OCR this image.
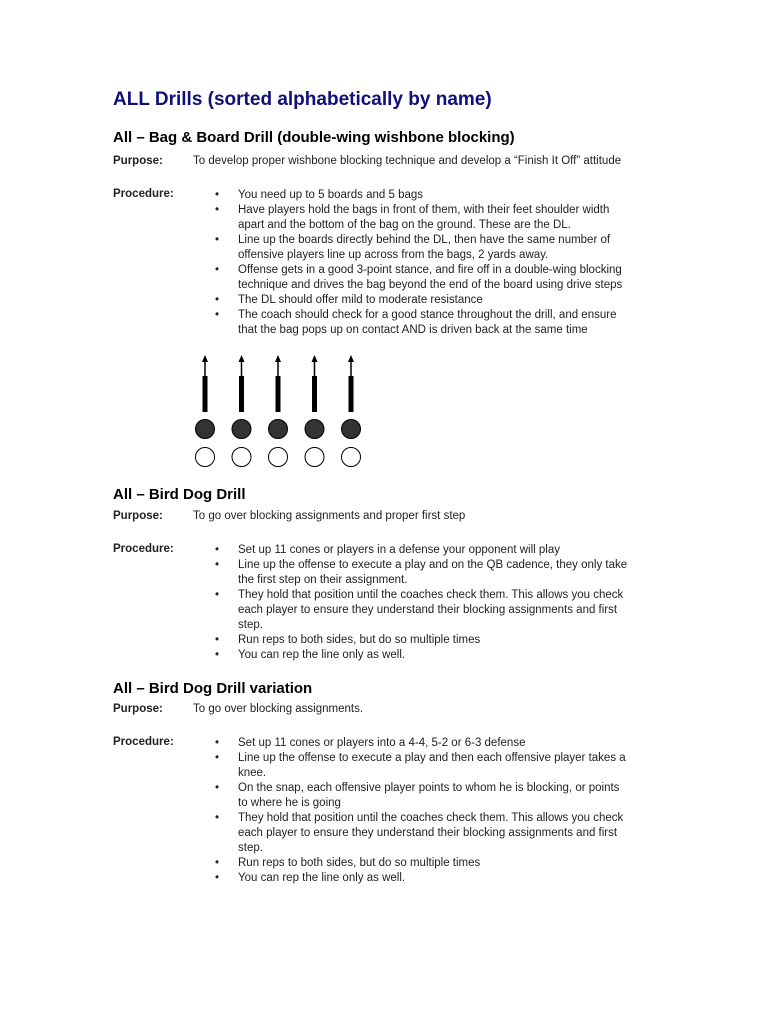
ALL Drills (sorted alphabetically by name)
All – Bag & Board Drill (double-wing wishbone blocking)

Purpose:	To develop proper wishbone blocking technique and develop a “Finish It Off” attitude

Procedure:	• You need up to 5 boards and 5 bags
• Have players hold the bags in front of them, with their feet shoulder width
apart and the bottom of the bag on the ground. These are the DL.
• Line up the boards directly behind the DL, then have the same number of
offensive players line up across from the bags, 2 yards away.
• Offense gets in a good 3-point stance, and fire off in a double-wing blocking
technique and drives the bag beyond the end of the board using drive steps
• The DL should offer mild to moderate resistance
• The coach should check for a good stance throughout the drill, and ensure
that the bag pops up on contact AND is driven back at the same time
All – Bird Dog Drill

Purpose:	To go over blocking assignments and proper first step

Procedure:	• Set up 11 cones or players in a defense your opponent will play
• Line up the offense to execute a play and on the QB cadence, they only take
the first step on their assignment.
• They hold that position until the coaches check them. This allows you check
each player to ensure they understand their blocking assignments and first
step.
• Run reps to both sides, but do so multiple times
• You can rep the line only as well.
All – Bird Dog Drill variation

Purpose:	To go over blocking assignments.

Procedure:	• Set up 11 cones or players into a 4-4, 5-2 or 6-3 defense
• Line up the offense to execute a play and then each offensive player takes a
knee.
• On the snap, each offensive player points to whom he is blocking, or points
to where he is going
• They hold that position until the coaches check them. This allows you check
each player to ensure they understand their blocking assignments and first
step.
• Run reps to both sides, but do so multiple times
• You can rep the line only as well.
